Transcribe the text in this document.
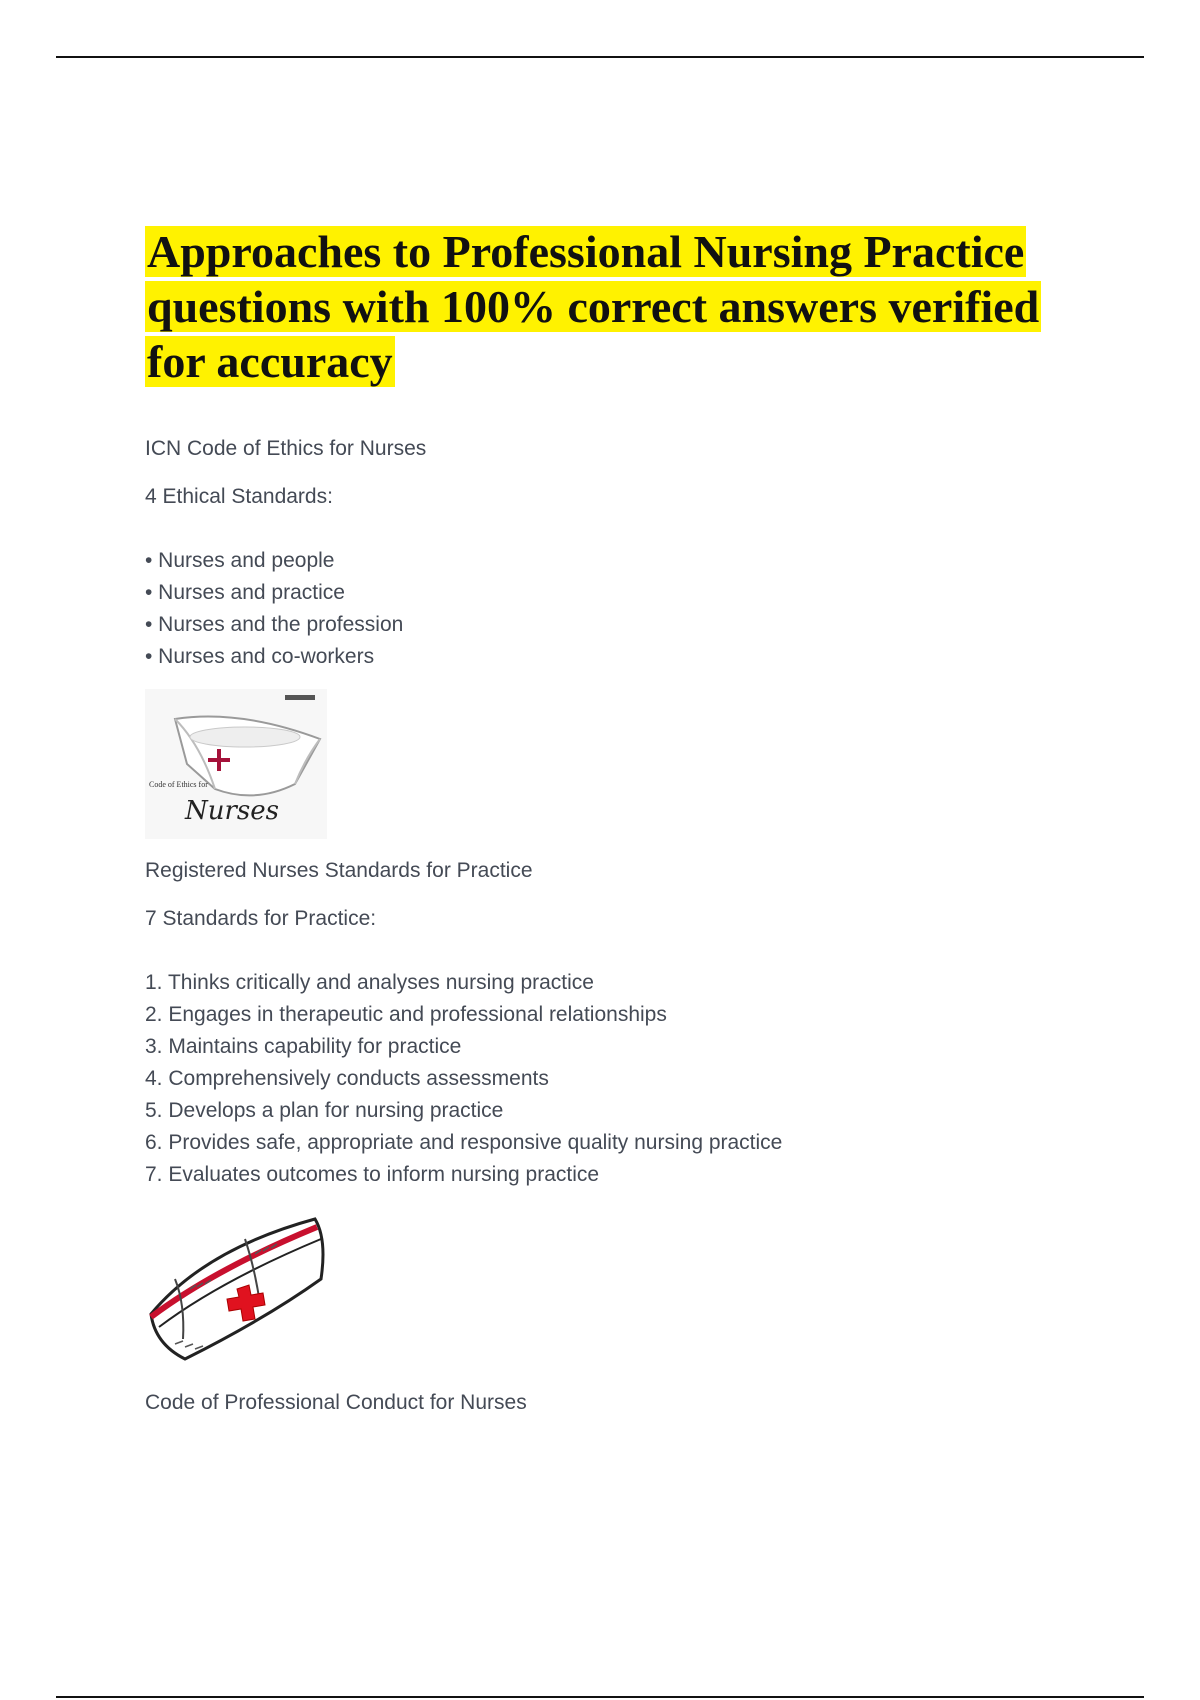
Approaches to Professional Nursing Practice questions with 100% correct answers verified for accuracy

ICN Code of Ethics for Nurses

4 Ethical Standards:

• Nurses and people
• Nurses and practice
• Nurses and the profession
• Nurses and co-workers
Code of Ethics for
Nurses

Registered Nurses Standards for Practice

7 Standards for Practice:

1. Thinks critically and analyses nursing practice
2. Engages in therapeutic and professional relationships
3. Maintains capability for practice
4. Comprehensively conducts assessments
5. Develops a plan for nursing practice
6. Provides safe, appropriate and responsive quality nursing practice
7. Evaluates outcomes to inform nursing practice

Code of Professional Conduct for Nurses
